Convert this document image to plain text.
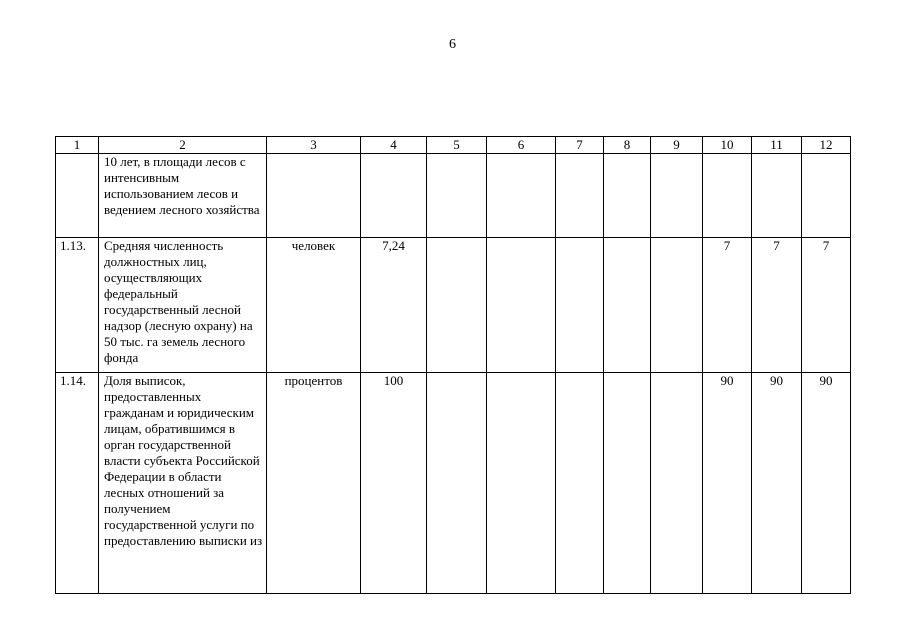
6
1	2	3	4	5	6	7	8	9	10	11	12
	10 лет, в площади лесов с интенсивным использованием лесов и ведением лесного хозяйства										
1.13.	Средняя численность должностных лиц, осуществляющих федеральный государственный лесной надзор (лесную охрану) на 50 тыс. га земель лесного фонда	человек	7,24						7	7	7
1.14.	Доля выписок, предоставленных гражданам и юридическим лицам, обратившимся в орган государственной власти субъекта Российской Федерации в области лесных отношений за получением государственной услуги по предоставлению выписки из	процентов	100						90	90	90
